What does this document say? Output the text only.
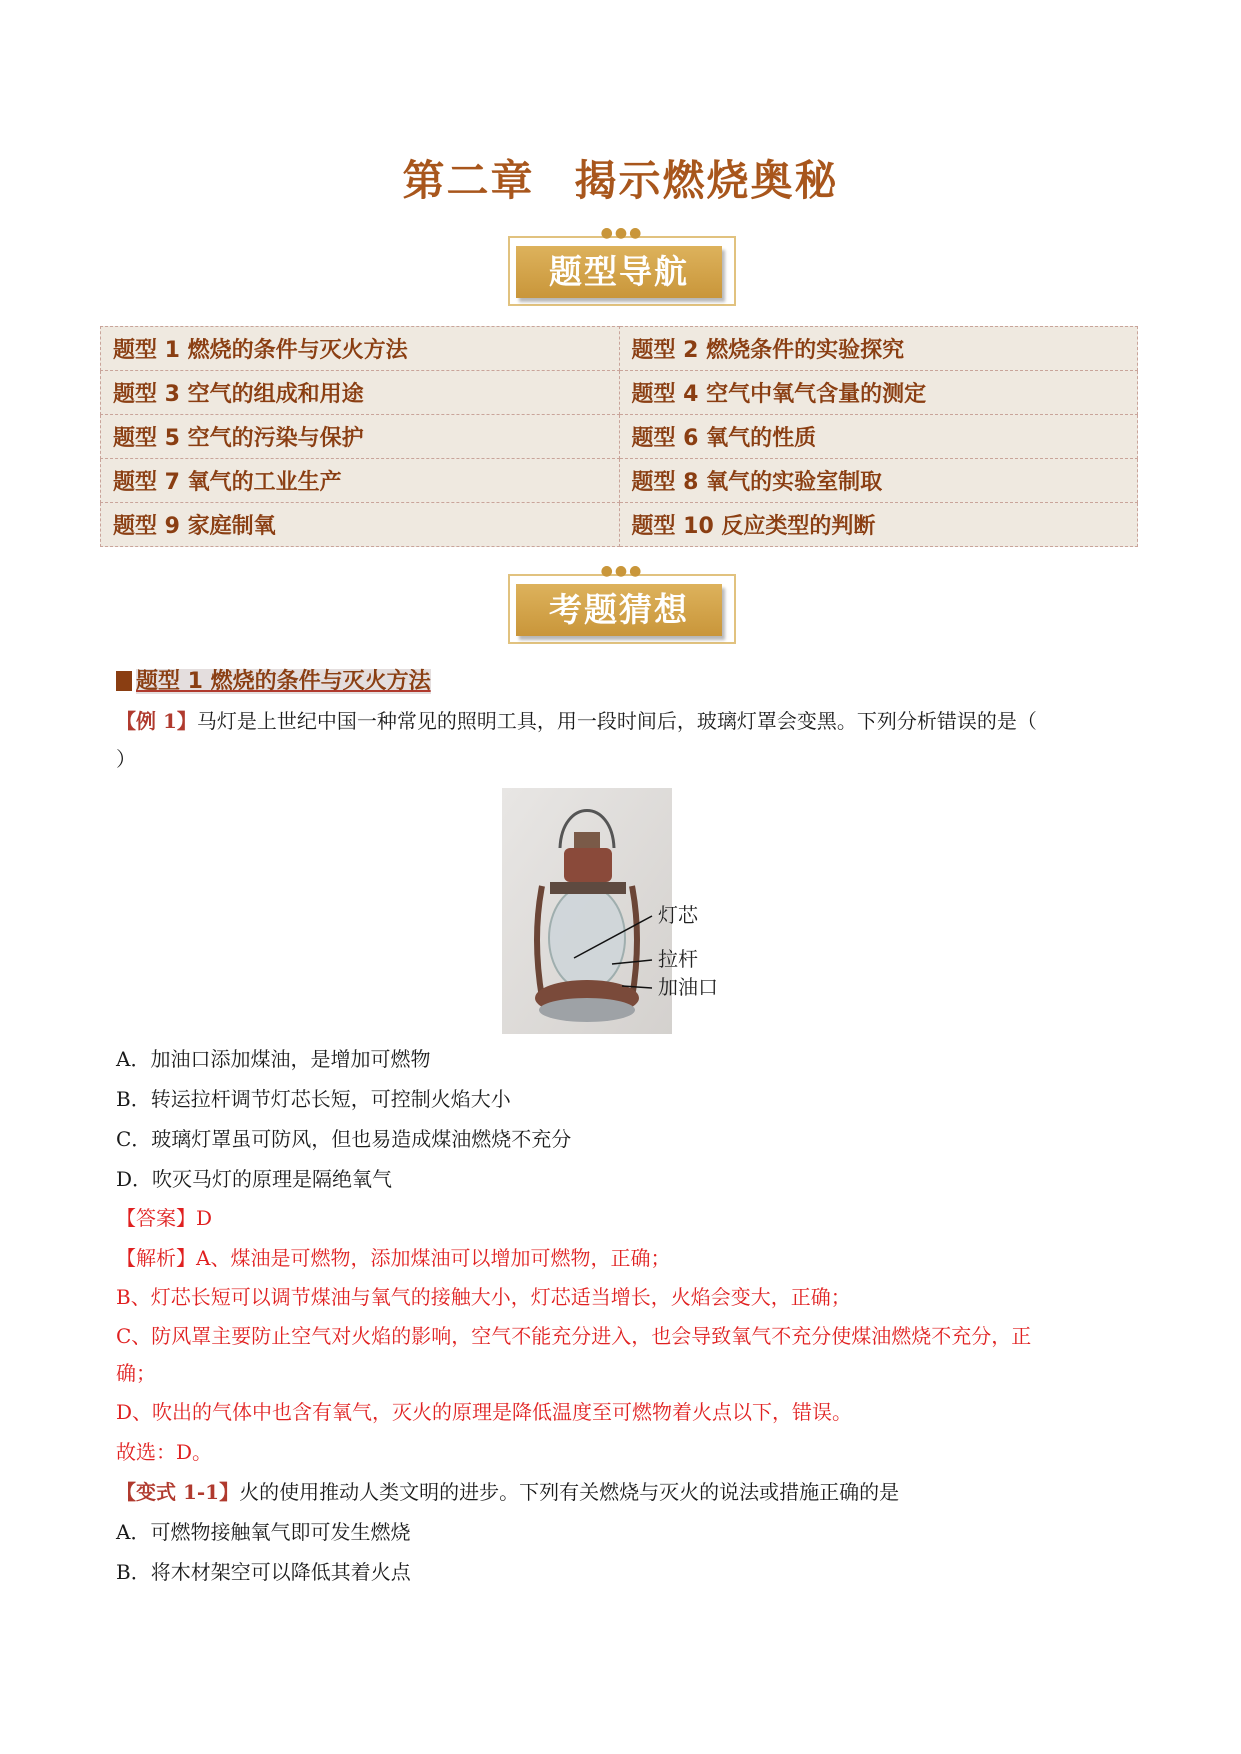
第二章 揭示燃烧奥秘
●●●
题型导航
题型 1 燃烧的条件与灭火方法	题型 2 燃烧条件的实验探究
题型 3 空气的组成和用途	题型 4 空气中氧气含量的测定
题型 5 空气的污染与保护	题型 6 氧气的性质
题型 7 氧气的工业生产	题型 8 氧气的实验室制取
题型 9 家庭制氧	题型 10 反应类型的判断
●●●
考题猜想
题型 1 燃烧的条件与灭火方法
【例 1】马灯是上世纪中国一种常见的照明工具，用一段时间后，玻璃灯罩会变黑。下列分析错误的是（
）
灯芯
拉杆
加油口
A．加油口添加煤油，是增加可燃物
B．转运拉杆调节灯芯长短，可控制火焰大小
C．玻璃灯罩虽可防风，但也易造成煤油燃烧不充分
D．吹灭马灯的原理是隔绝氧气
【答案】D
【解析】A、煤油是可燃物，添加煤油可以增加可燃物，正确；
B、灯芯长短可以调节煤油与氧气的接触大小，灯芯适当增长，火焰会变大，正确；
C、防风罩主要防止空气对火焰的影响，空气不能充分进入，也会导致氧气不充分使煤油燃烧不充分，正
确；
D、吹出的气体中也含有氧气，灭火的原理是降低温度至可燃物着火点以下，错误。
故选：D。
【变式 1-1】火的使用推动人类文明的进步。下列有关燃烧与灭火的说法或措施正确的是
A．可燃物接触氧气即可发生燃烧
B．将木材架空可以降低其着火点
